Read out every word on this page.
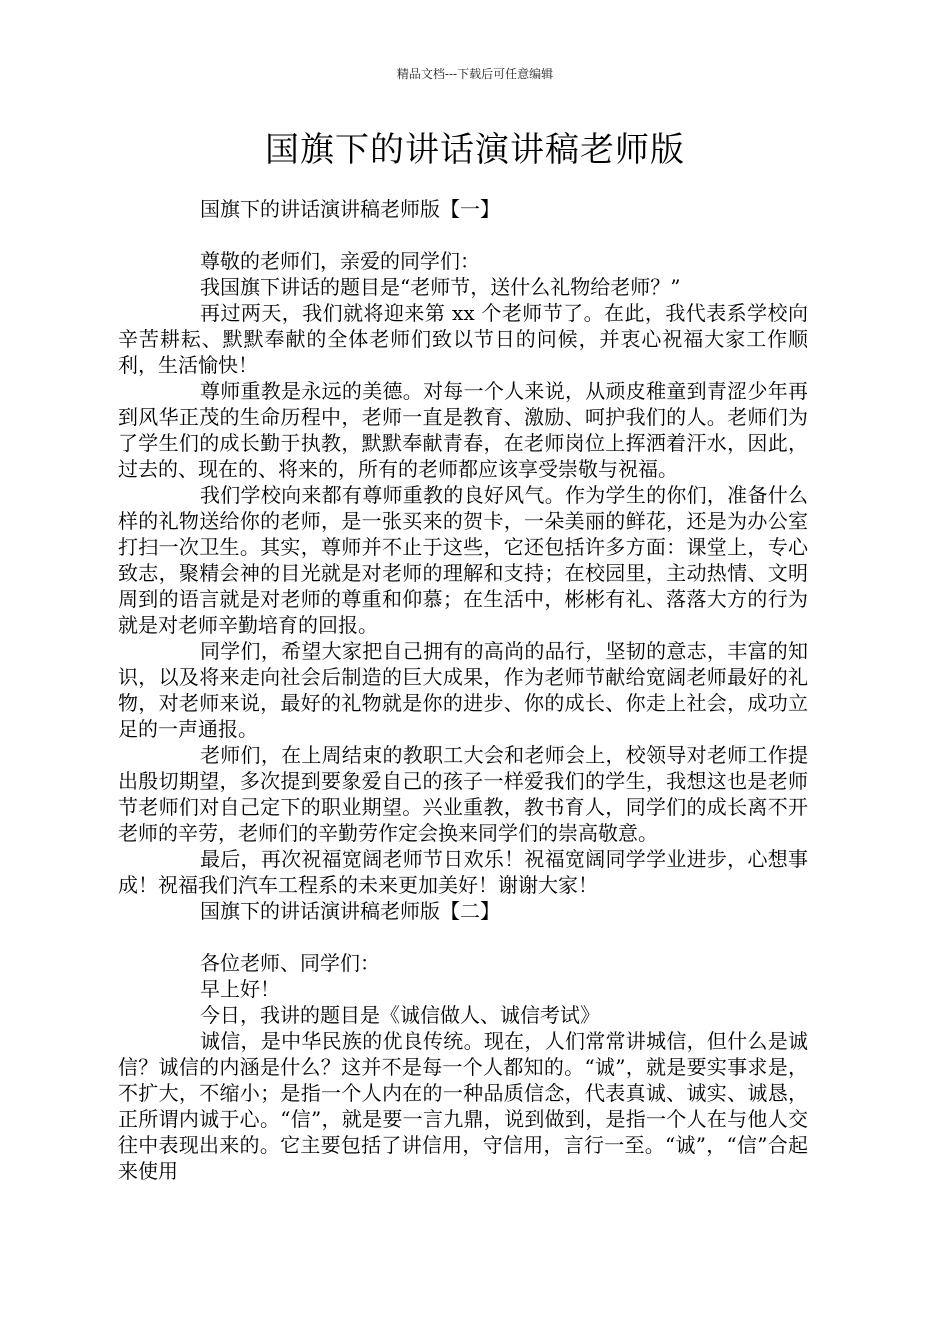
精品文档---下载后可任意编辑
国旗下的讲话演讲稿老师版

国旗下的讲话演讲稿老师版【一】

尊敬的老师们，亲爱的同学们：

我国旗下讲话的题目是“老师节，送什么礼物给老师？”

再过两天，我们就将迎来第 xx 个老师节了。在此，我代表系学校向辛苦耕耘、默默奉献的全体老师们致以节日的问候，并衷心祝福大家工作顺利，生活愉快！

尊师重教是永远的美德。对每一个人来说，从顽皮稚童到青涩少年再到风华正茂的生命历程中，老师一直是教育、激励、呵护我们的人。老师们为了学生们的成长勤于执教，默默奉献青春，在老师岗位上挥洒着汗水，因此，过去的、现在的、将来的，所有的老师都应该享受崇敬与祝福。

我们学校向来都有尊师重教的良好风气。作为学生的你们，准备什么样的礼物送给你的老师，是一张买来的贺卡，一朵美丽的鲜花，还是为办公室打扫一次卫生。其实，尊师并不止于这些，它还包括许多方面：课堂上，专心致志，聚精会神的目光就是对老师的理解和支持；在校园里，主动热情、文明周到的语言就是对老师的尊重和仰慕；在生活中，彬彬有礼、落落大方的行为就是对老师辛勤培育的回报。

同学们，希望大家把自己拥有的高尚的品行，坚韧的意志，丰富的知识，以及将来走向社会后制造的巨大成果，作为老师节献给宽阔老师最好的礼物，对老师来说，最好的礼物就是你的进步、你的成长、你走上社会，成功立足的一声通报。

老师们，在上周结束的教职工大会和老师会上，校领导对老师工作提出殷切期望，多次提到要象爱自己的孩子一样爱我们的学生，我想这也是老师节老师们对自己定下的职业期望。兴业重教，教书育人，同学们的成长离不开老师的辛劳，老师们的辛勤劳作定会换来同学们的崇高敬意。

最后，再次祝福宽阔老师节日欢乐！祝福宽阔同学学业进步，心想事成！祝福我们汽车工程系的未来更加美好！谢谢大家！

国旗下的讲话演讲稿老师版【二】

各位老师、同学们：

早上好！

今日，我讲的题目是《诚信做人、诚信考试》

诚信，是中华民族的优良传统。现在，人们常常讲城信，但什么是诚信？诚信的内涵是什么？这并不是每一个人都知的。“诚”，就是要实事求是，不扩大，不缩小；是指一个人内在的一种品质信念，代表真诚、诚实、诚恳，正所谓内诚于心。“信”，就是要一言九鼎，说到做到，是指一个人在与他人交往中表现出来的。它主要包括了讲信用，守信用，言行一至。“诚”，“信”合起来使用
